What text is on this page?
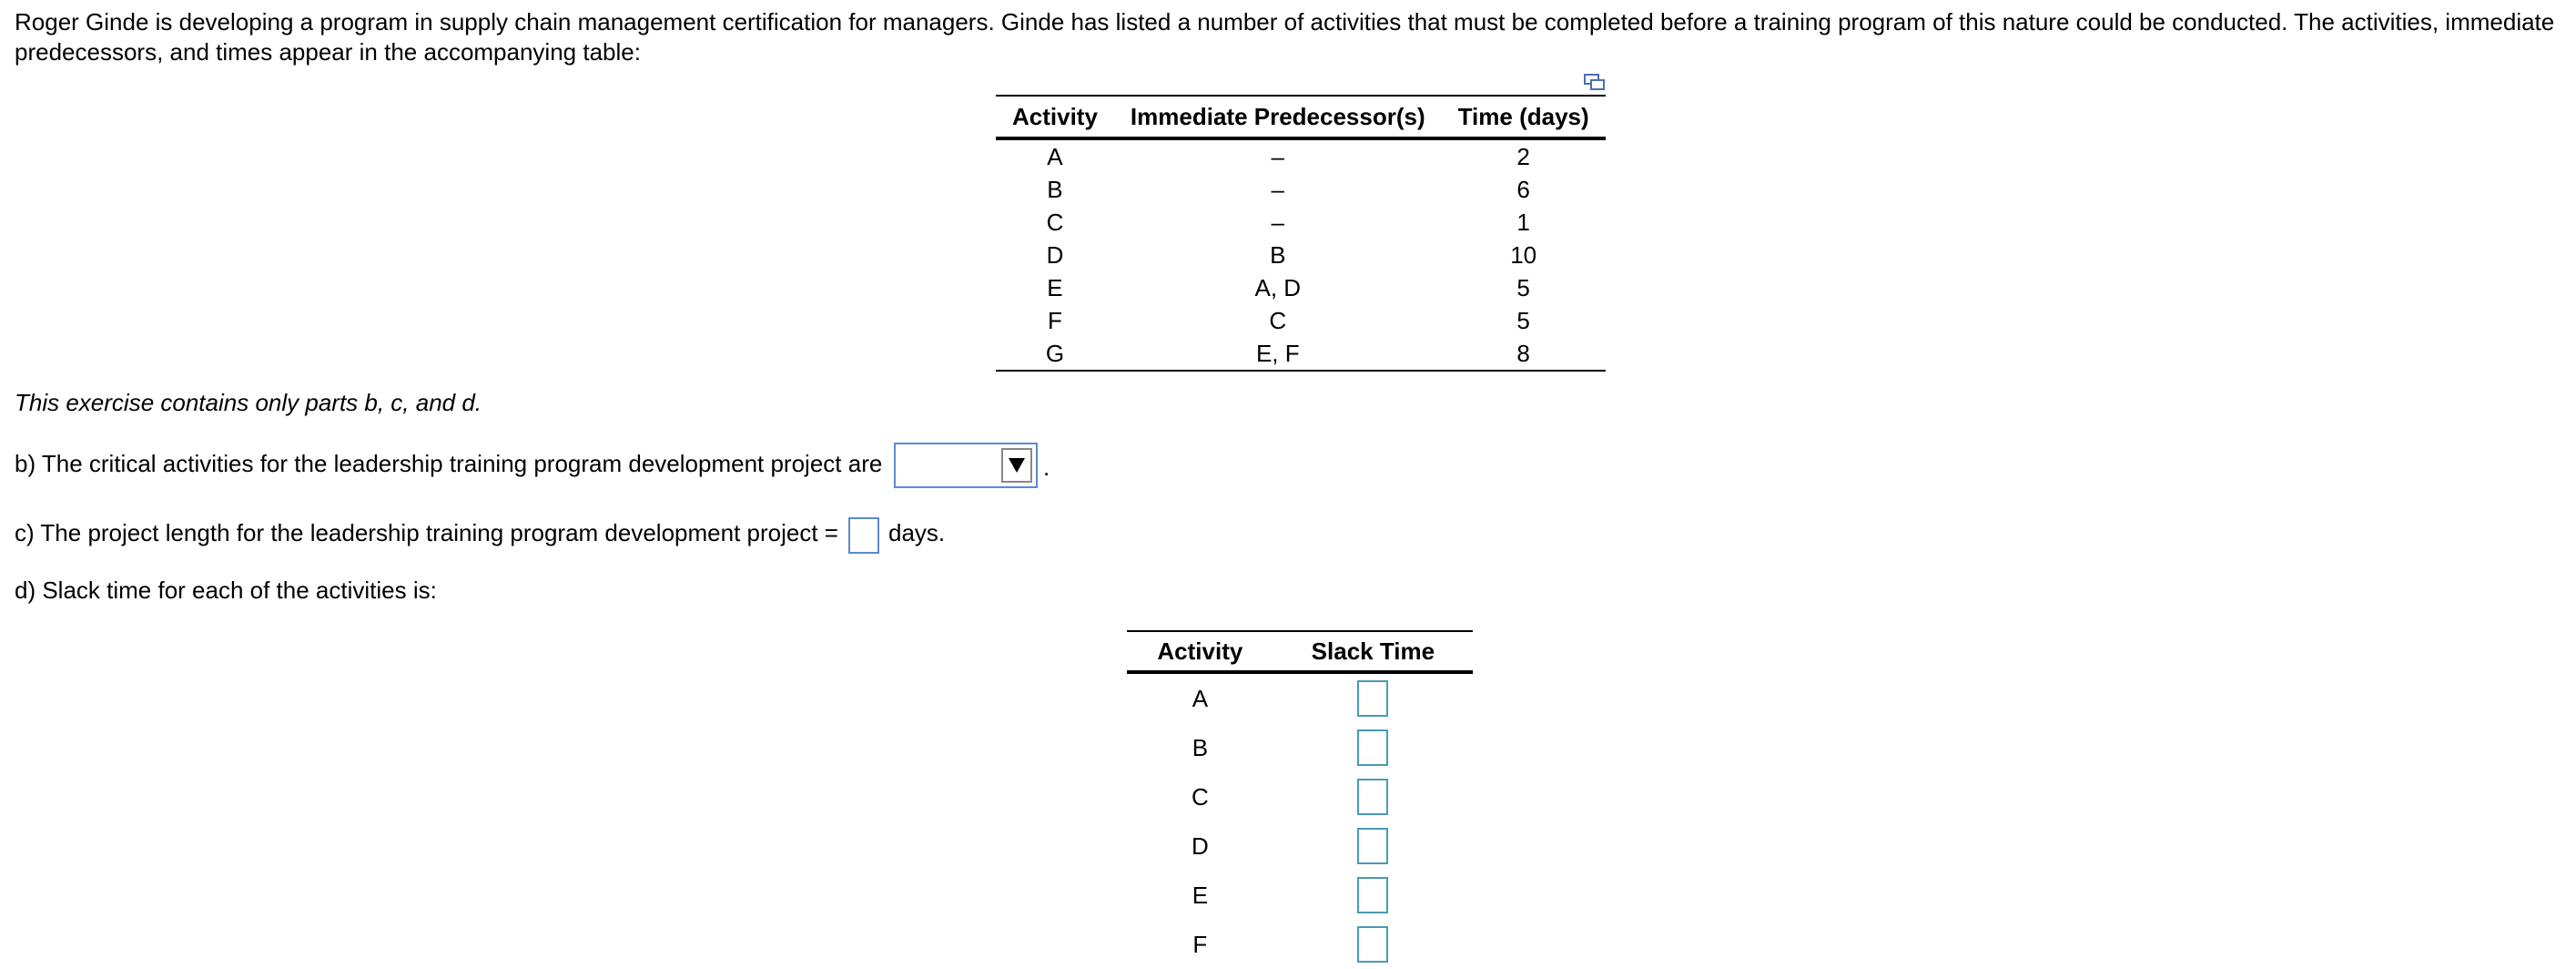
Roger Ginde is developing a program in supply chain management certification for managers. Ginde has listed a number of activities that must be completed before a training program of this nature could be conducted. The activities, immediate predecessors, and times appear in the accompanying table:
Activity	Immediate Predecessor(s)	Time (days)
A	–	2
B	–	6
C	–	1
D	B	10
E	A, D	5
F	C	5
G	E, F	8
This exercise contains only parts b, c, and d.
b) The critical activities for the leadership training program development project are	.
c) The project length for the leadership training program development project = days.
d) Slack time for each of the activities is:
Activity	Slack Time
A	
B	
C	
D	
E	
F	
